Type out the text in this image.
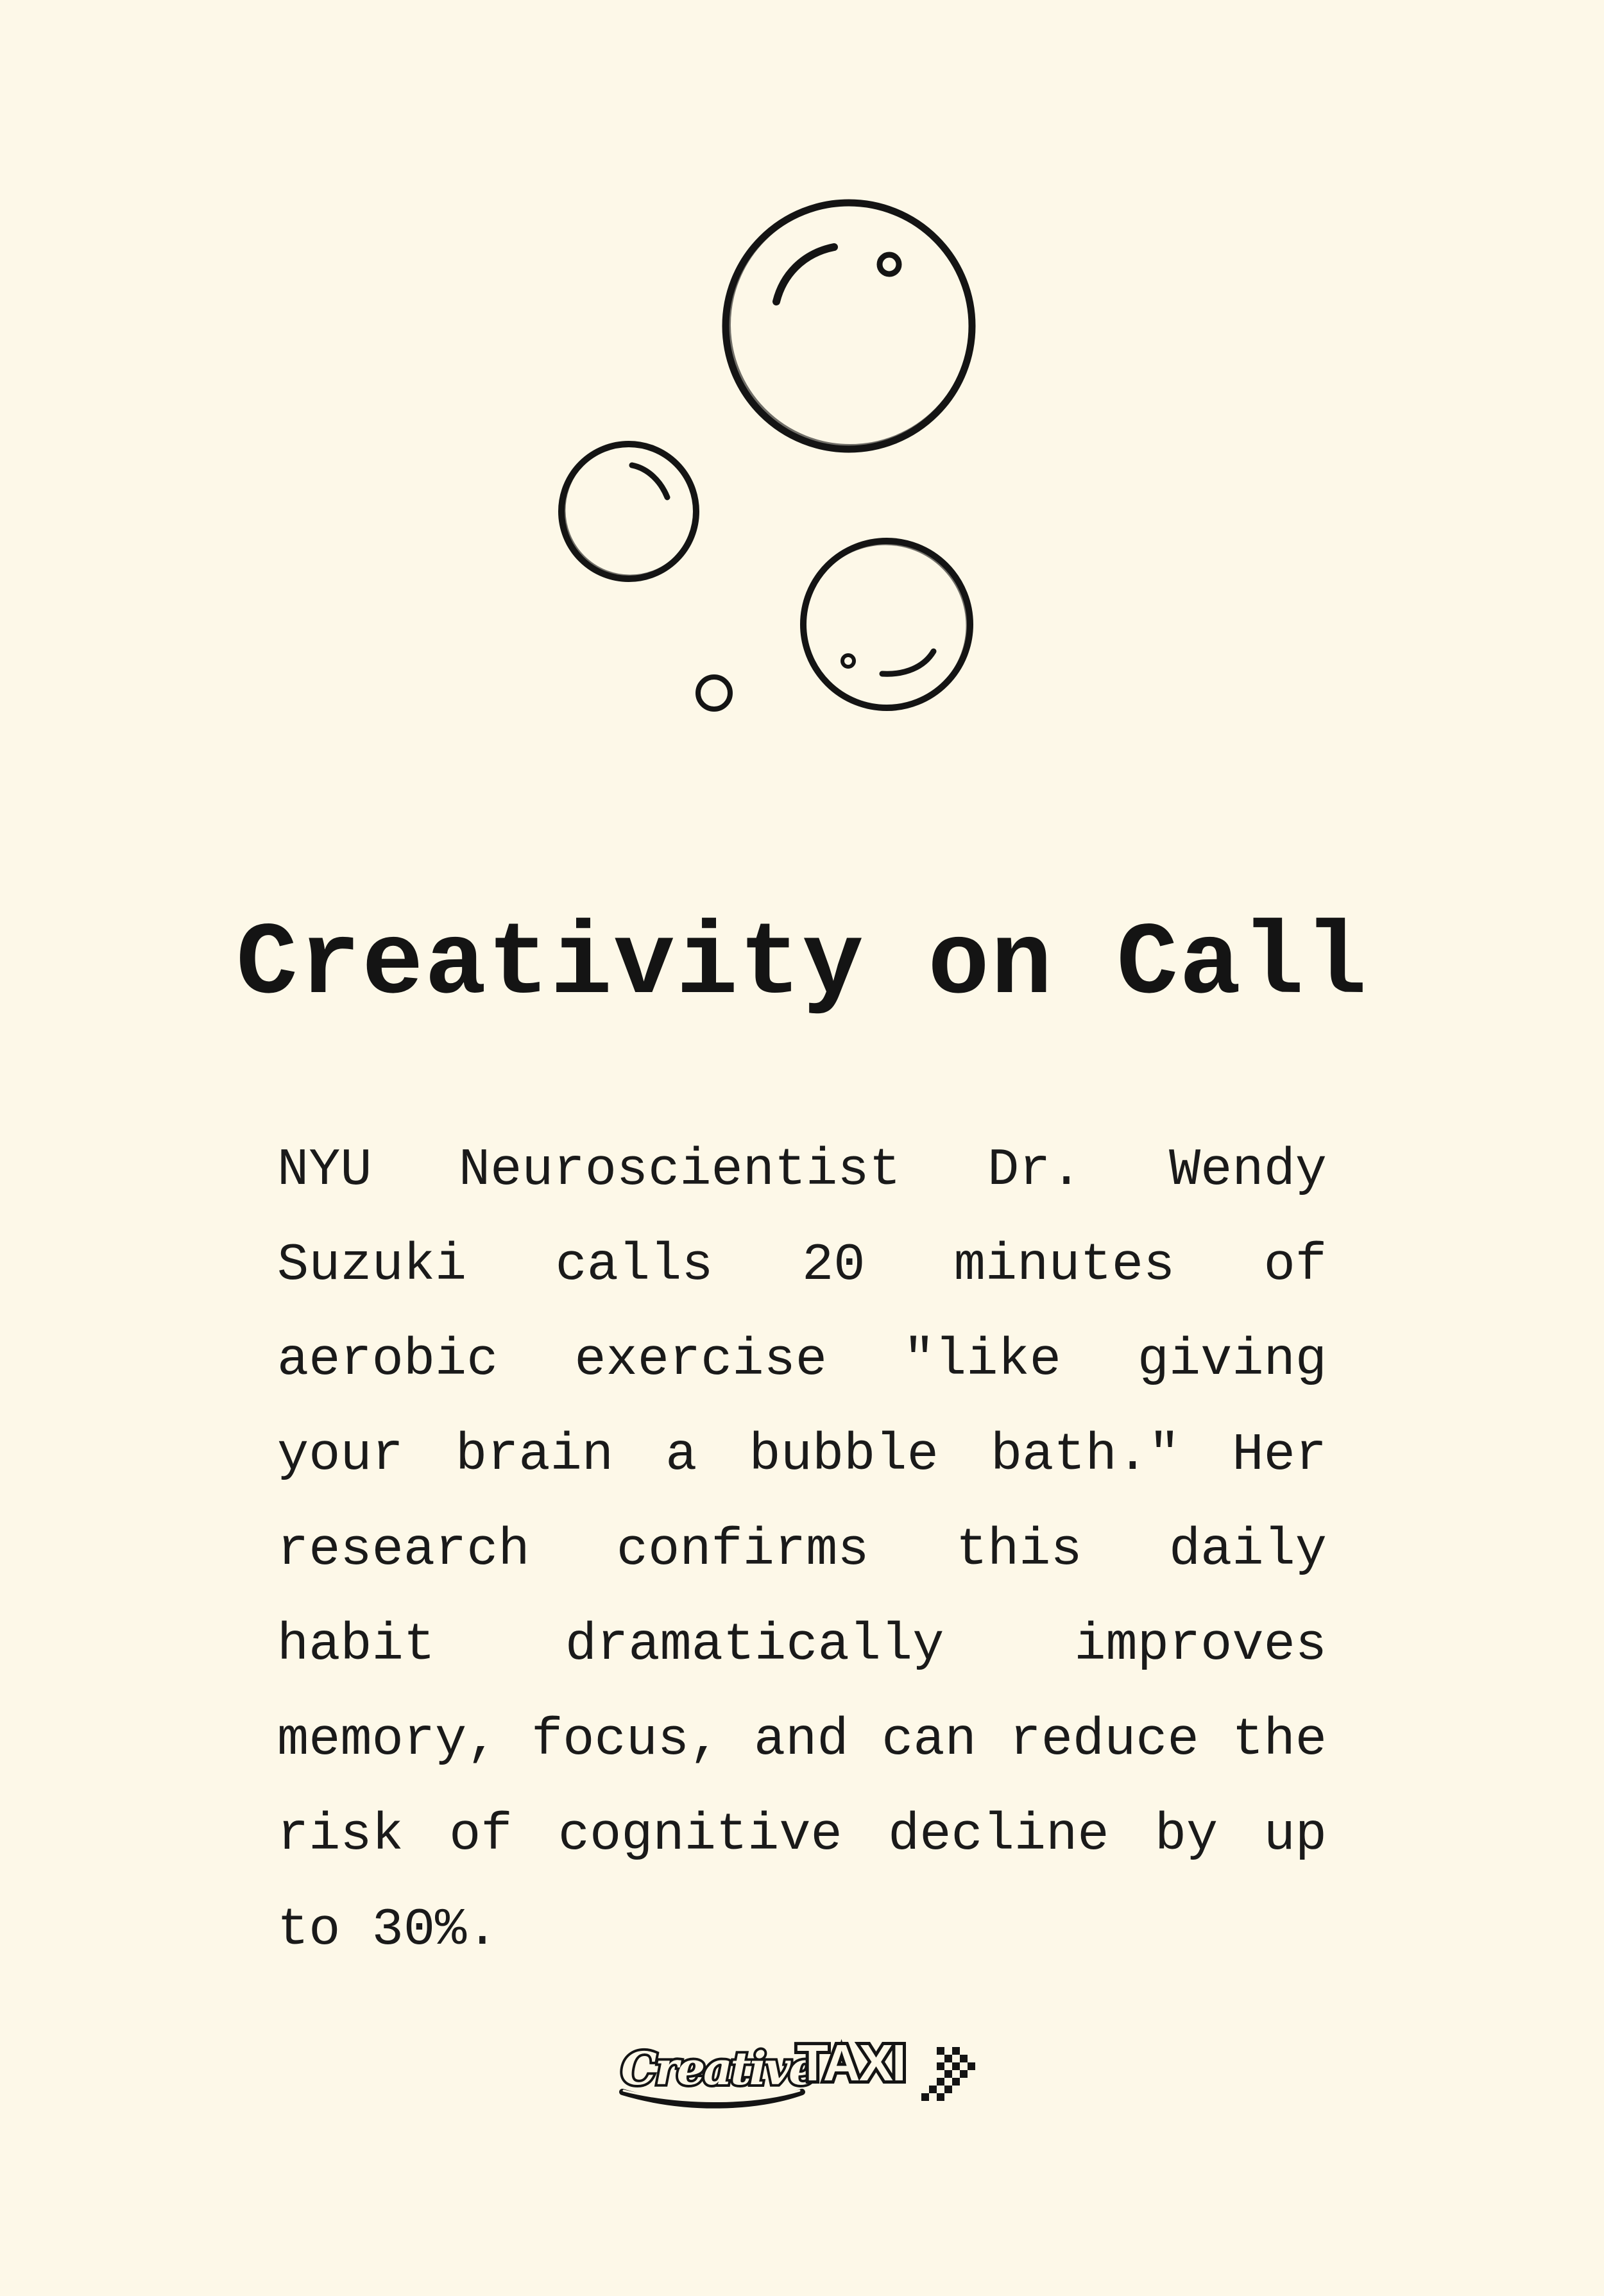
Creativity on Call
NYU Neuroscientist Dr. Wendy Suzuki calls 20 minutes of aerobic exercise "like giving your brain a bubble bath." Her research confirms this daily habit dramatically improves memory, focus, and can reduce the risk of cognitive decline by up to 30%.
Creative
TAXI
